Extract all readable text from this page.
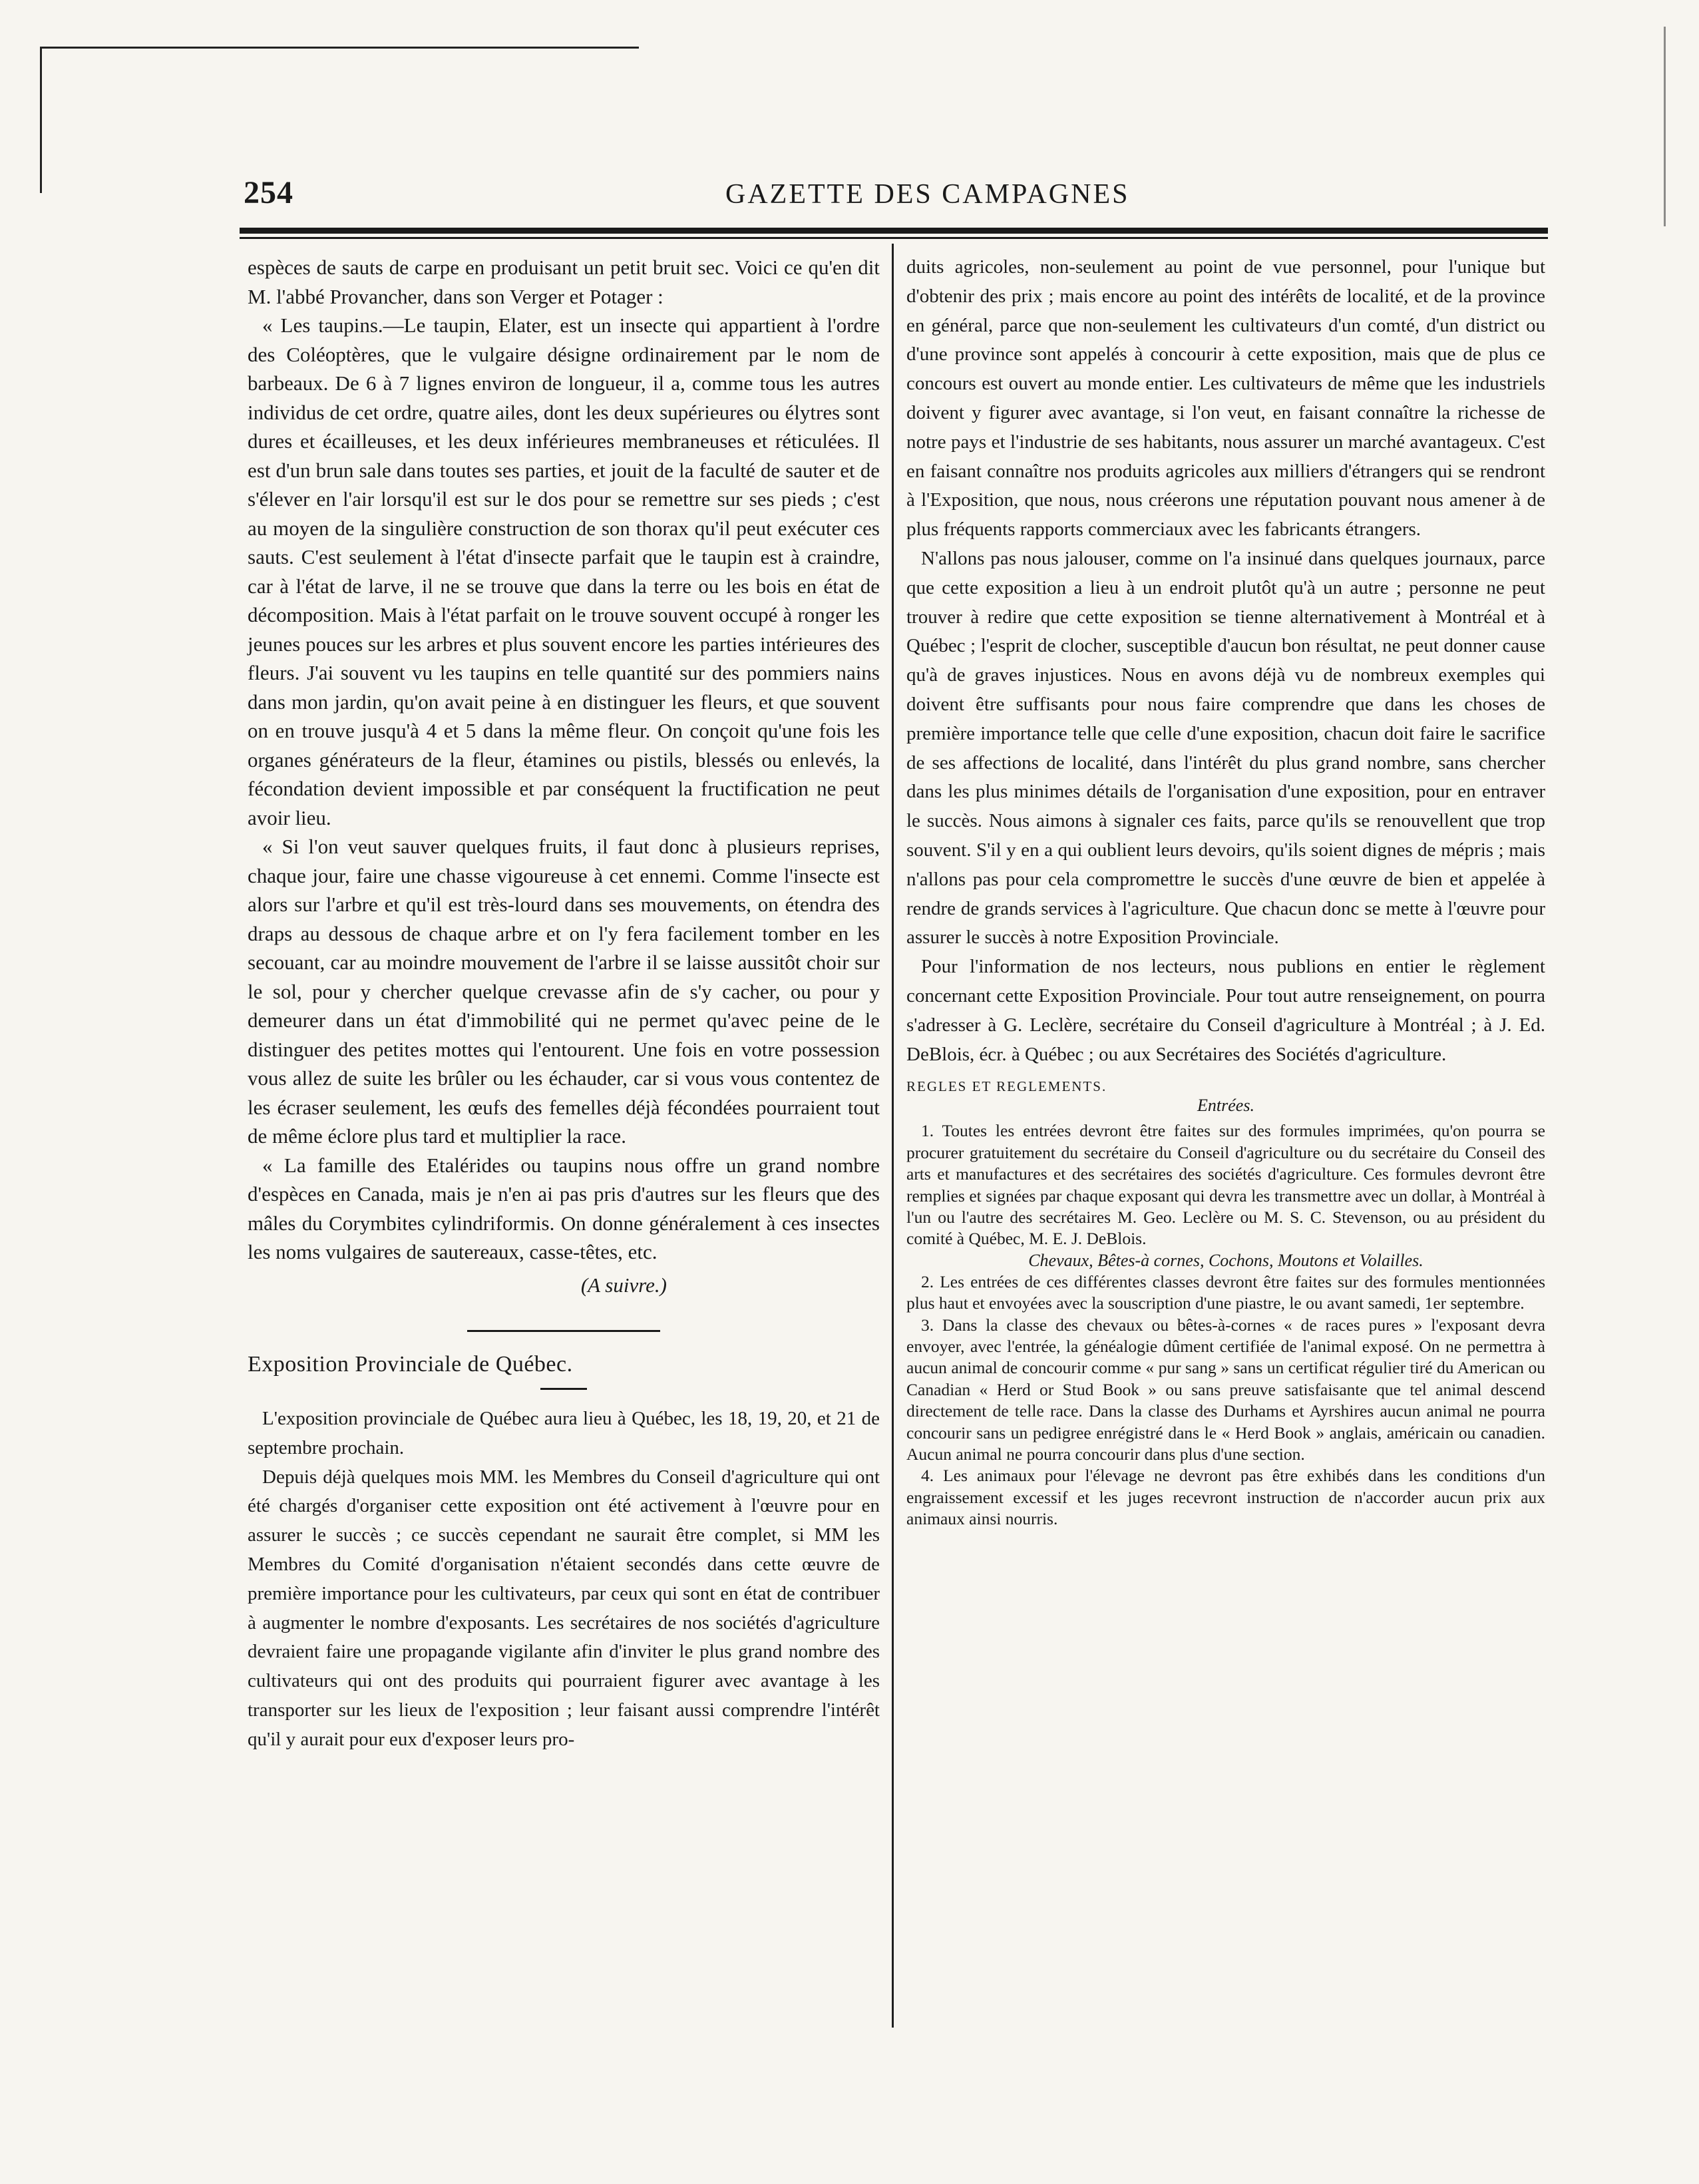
254	GAZETTE DES CAMPAGNES

espèces de sauts de carpe en produisant un petit bruit sec. Voici ce qu'en dit M. l'abbé Provancher, dans son Verger et Potager :

« Les taupins.—Le taupin, Elater, est un insecte qui appartient à l'ordre des Coléoptères, que le vulgaire désigne ordinairement par le nom de barbeaux. De 6 à 7 lignes environ de longueur, il a, comme tous les autres individus de cet ordre, quatre ailes, dont les deux supérieures ou élytres sont dures et écailleuses, et les deux inférieures membraneuses et réticulées. Il est d'un brun sale dans toutes ses parties, et jouit de la faculté de sauter et de s'élever en l'air lorsqu'il est sur le dos pour se remettre sur ses pieds ; c'est au moyen de la singulière construction de son thorax qu'il peut exécuter ces sauts. C'est seulement à l'état d'insecte parfait que le taupin est à craindre, car à l'état de larve, il ne se trouve que dans la terre ou les bois en état de décomposition. Mais à l'état parfait on le trouve souvent occupé à ronger les jeunes pouces sur les arbres et plus souvent encore les parties intérieures des fleurs. J'ai souvent vu les taupins en telle quantité sur des pommiers nains dans mon jardin, qu'on avait peine à en distinguer les fleurs, et que souvent on en trouve jusqu'à 4 et 5 dans la même fleur. On conçoit qu'une fois les organes générateurs de la fleur, étamines ou pistils, blessés ou enlevés, la fécondation devient impossible et par conséquent la fructification ne peut avoir lieu.

« Si l'on veut sauver quelques fruits, il faut donc à plusieurs reprises, chaque jour, faire une chasse vigoureuse à cet ennemi. Comme l'insecte est alors sur l'arbre et qu'il est très-lourd dans ses mouvements, on étendra des draps au dessous de chaque arbre et on l'y fera facilement tomber en les secouant, car au moindre mouvement de l'arbre il se laisse aussitôt choir sur le sol, pour y chercher quelque crevasse afin de s'y cacher, ou pour y demeurer dans un état d'immobilité qui ne permet qu'avec peine de le distinguer des petites mottes qui l'entourent. Une fois en votre possession vous allez de suite les brûler ou les échauder, car si vous vous contentez de les écraser seulement, les œufs des femelles déjà fécondées pourraient tout de même éclore plus tard et multiplier la race.

« La famille des Etalérides ou taupins nous offre un grand nombre d'espèces en Canada, mais je n'en ai pas pris d'autres sur les fleurs que des mâles du Corymbites cylindriformis. On donne généralement à ces insectes les noms vulgaires de sautereaux, casse-têtes, etc.

(A suivre.)

Exposition Provinciale de Québec.

L'exposition provinciale de Québec aura lieu à Québec, les 18, 19, 20, et 21 de septembre prochain.

Depuis déjà quelques mois MM. les Membres du Conseil d'agriculture qui ont été chargés d'organiser cette exposition ont été activement à l'œuvre pour en assurer le succès ; ce succès cependant ne saurait être complet, si MM les Membres du Comité d'organisation n'étaient secondés dans cette œuvre de première importance pour les cultivateurs, par ceux qui sont en état de contribuer à augmenter le nombre d'exposants. Les secrétaires de nos sociétés d'agriculture devraient faire une propagande vigilante afin d'inviter le plus grand nombre des cultivateurs qui ont des produits qui pourraient figurer avec avantage à les transporter sur les lieux de l'exposition ; leur faisant aussi comprendre l'intérêt qu'il y aurait pour eux d'exposer leurs pro-

duits agricoles, non-seulement au point de vue personnel, pour l'unique but d'obtenir des prix ; mais encore au point des intérêts de localité, et de la province en général, parce que non-seulement les cultivateurs d'un comté, d'un district ou d'une province sont appelés à concourir à cette exposition, mais que de plus ce concours est ouvert au monde entier. Les cultivateurs de même que les industriels doivent y figurer avec avantage, si l'on veut, en faisant connaître la richesse de notre pays et l'industrie de ses habitants, nous assurer un marché avantageux. C'est en faisant connaître nos produits agricoles aux milliers d'étrangers qui se rendront à l'Exposition, que nous, nous créerons une réputation pouvant nous amener à de plus fréquents rapports commerciaux avec les fabricants étrangers.

N'allons pas nous jalouser, comme on l'a insinué dans quelques journaux, parce que cette exposition a lieu à un endroit plutôt qu'à un autre ; personne ne peut trouver à redire que cette exposition se tienne alternativement à Montréal et à Québec ; l'esprit de clocher, susceptible d'aucun bon résultat, ne peut donner cause qu'à de graves injustices. Nous en avons déjà vu de nombreux exemples qui doivent être suffisants pour nous faire comprendre que dans les choses de première importance telle que celle d'une exposition, chacun doit faire le sacrifice de ses affections de localité, dans l'intérêt du plus grand nombre, sans chercher dans les plus minimes détails de l'organisation d'une exposition, pour en entraver le succès. Nous aimons à signaler ces faits, parce qu'ils se renouvellent que trop souvent. S'il y en a qui oublient leurs devoirs, qu'ils soient dignes de mépris ; mais n'allons pas pour cela compromettre le succès d'une œuvre de bien et appelée à rendre de grands services à l'agriculture. Que chacun donc se mette à l'œuvre pour assurer le succès à notre Exposition Provinciale.

Pour l'information de nos lecteurs, nous publions en entier le règlement concernant cette Exposition Provinciale. Pour tout autre renseignement, on pourra s'adresser à G. Leclère, secrétaire du Conseil d'agriculture à Montréal ; à J. Ed. DeBlois, écr. à Québec ; ou aux Secrétaires des Sociétés d'agriculture.

REGLES ET REGLEMENTS.

Entrées.

1. Toutes les entrées devront être faites sur des formules imprimées, qu'on pourra se procurer gratuitement du secrétaire du Conseil d'agriculture ou du secrétaire du Conseil des arts et manufactures et des secrétaires des sociétés d'agriculture. Ces formules devront être remplies et signées par chaque exposant qui devra les transmettre avec un dollar, à Montréal à l'un ou l'autre des secrétaires M. Geo. Leclère ou M. S. C. Stevenson, ou au président du comité à Québec, M. E. J. DeBlois.

Chevaux, Bêtes-à cornes, Cochons, Moutons et Volailles.

2. Les entrées de ces différentes classes devront être faites sur des formules mentionnées plus haut et envoyées avec la souscription d'une piastre, le ou avant samedi, 1er septembre.

3. Dans la classe des chevaux ou bêtes-à-cornes « de races pures » l'exposant devra envoyer, avec l'entrée, la généalogie dûment certifiée de l'animal exposé. On ne permettra à aucun animal de concourir comme « pur sang » sans un certificat régulier tiré du American ou Canadian « Herd or Stud Book » ou sans preuve satisfaisante que tel animal descend directement de telle race. Dans la classe des Durhams et Ayrshires aucun animal ne pourra concourir sans un pedigree enrégistré dans le « Herd Book » anglais, américain ou canadien. Aucun animal ne pourra concourir dans plus d'une section.

4. Les animaux pour l'élevage ne devront pas être exhibés dans les conditions d'un engraissement excessif et les juges recevront instruction de n'accorder aucun prix aux animaux ainsi nourris.
